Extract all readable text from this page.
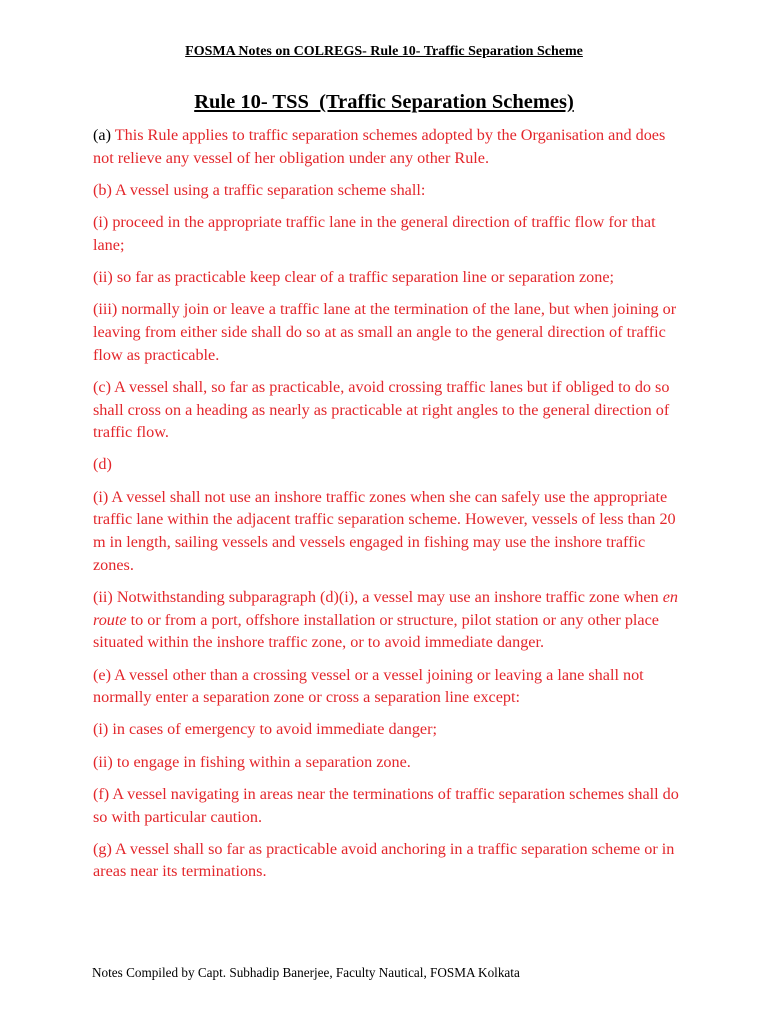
FOSMA Notes on COLREGS- Rule 10- Traffic Separation Scheme
Rule 10- TSS  (Traffic Separation Schemes)

(a) This Rule applies to traffic separation schemes adopted by the Organisation and does not relieve any vessel of her obligation under any other Rule.

(b) A vessel using a traffic separation scheme shall:

(i) proceed in the appropriate traffic lane in the general direction of traffic flow for that lane;

(ii) so far as practicable keep clear of a traffic separation line or separation zone;

(iii) normally join or leave a traffic lane at the termination of the lane, but when joining or leaving from either side shall do so at as small an angle to the general direction of traffic flow as practicable.

(c) A vessel shall, so far as practicable, avoid crossing traffic lanes but if obliged to do so shall cross on a heading as nearly as practicable at right angles to the general direction of traffic flow.

(d)

(i) A vessel shall not use an inshore traffic zones when she can safely use the appropriate traffic lane within the adjacent traffic separation scheme. However, vessels of less than 20 m in length, sailing vessels and vessels engaged in fishing may use the inshore traffic zones.

(ii) Notwithstanding subparagraph (d)(i), a vessel may use an inshore traffic zone when en route to or from a port, offshore installation or structure, pilot station or any other place situated within the inshore traffic zone, or to avoid immediate danger.

(e) A vessel other than a crossing vessel or a vessel joining or leaving a lane shall not normally enter a separation zone or cross a separation line except:

(i) in cases of emergency to avoid immediate danger;

(ii) to engage in fishing within a separation zone.

(f) A vessel navigating in areas near the terminations of traffic separation schemes shall do so with particular caution.

(g) A vessel shall so far as practicable avoid anchoring in a traffic separation scheme or in areas near its terminations.

Notes Compiled by Capt. Subhadip Banerjee, Faculty Nautical, FOSMA Kolkata
